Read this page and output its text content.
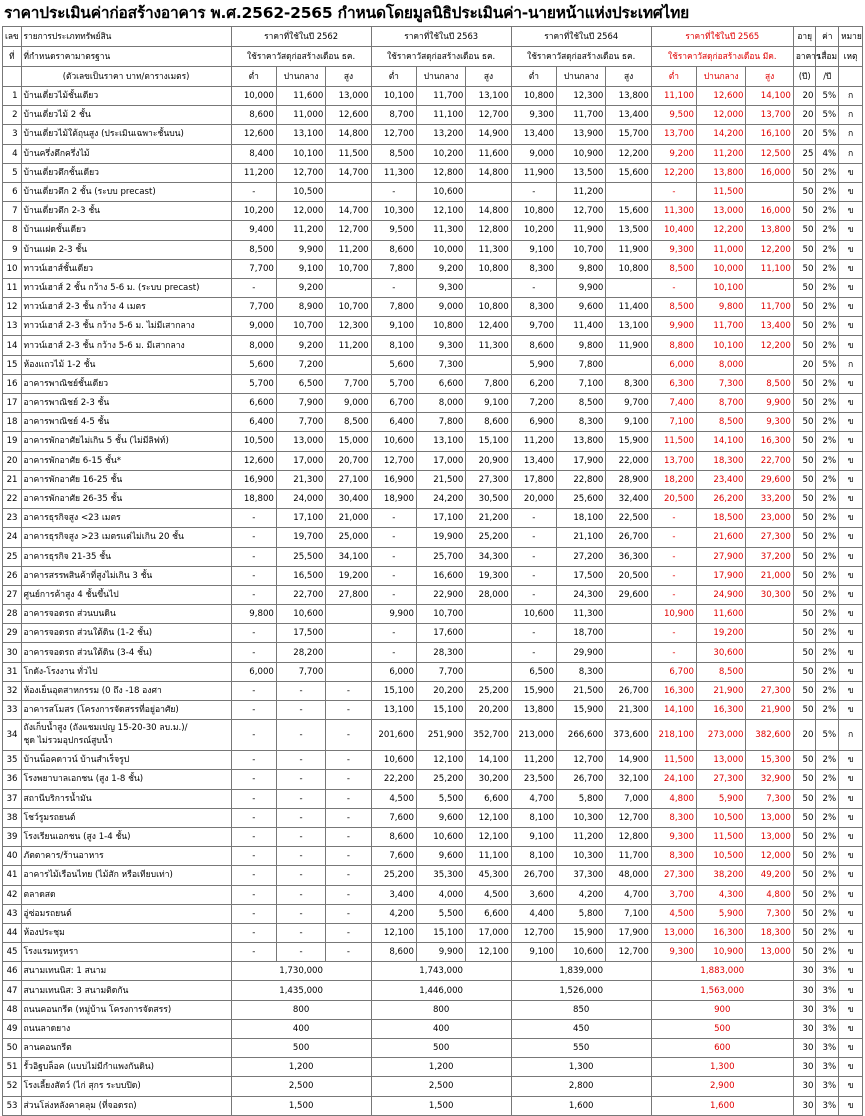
ราคาประเมินค่าก่อสร้างอาคาร พ.ศ.2562-2565 กำหนดโดยมูลนิธิประเมินค่า-นายหน้าแห่งประเทศไทย
เลข	รายการประเภททรัพย์สิน	ราคาที่ใช้ในปี 2562			ราคาที่ใช้ในปี 2563			ราคาที่ใช้ในปี 2564			ราคาที่ใช้ในปี 2565			อายุ	ค่า	หมาย
ที่	ที่กำหนดราคามาตรฐาน	ใช้ราคาวัสดุก่อสร้างเดือน ธค.			ใช้ราคาวัสดุก่อสร้างเดือน ธค.			ใช้ราคาวัสดุก่อสร้างเดือน ธค.			ใช้ราคาวัสดุก่อสร้างเดือน มีค.			อาคาร	เสื่อม	เหตุ
	(ตัวเลขเป็นราคา บาท/ตารางเมตร)	ต่ำ	ปานกลาง	สูง	ต่ำ	ปานกลาง	สูง	ต่ำ	ปานกลาง	สูง	ต่ำ	ปานกลาง	สูง	(ปี)	/ปี	
1	บ้านเดี่ยวไม้ชั้นเดียว	10,000	11,600	13,000	10,100	11,700	13,100	10,800	12,300	13,800	11,100	12,600	14,100	20	5%	ก
2	บ้านเดี่ยวไม้ 2 ชั้น	8,600	11,000	12,600	8,700	11,100	12,700	9,300	11,700	13,400	9,500	12,000	13,700	20	5%	ก
3	บ้านเดี่ยวไม้ใต้ถุนสูง (ประเมินเฉพาะชั้นบน)	12,600	13,100	14,800	12,700	13,200	14,900	13,400	13,900	15,700	13,700	14,200	16,100	20	5%	ก
4	บ้านครึ่งตึกครึ่งไม้	8,400	10,100	11,500	8,500	10,200	11,600	9,000	10,900	12,200	9,200	11,200	12,500	25	4%	ก
5	บ้านเดี่ยวตึกชั้นเดียว	11,200	12,700	14,700	11,300	12,800	14,800	11,900	13,500	15,600	12,200	13,800	16,000	50	2%	ข
6	บ้านเดี่ยวตึก 2 ชั้น (ระบบ precast)	-	10,500		-	10,600		-	11,200		-	11,500		50	2%	ข
7	บ้านเดี่ยวตึก 2-3 ชั้น	10,200	12,000	14,700	10,300	12,100	14,800	10,800	12,700	15,600	11,300	13,000	16,000	50	2%	ข
8	บ้านแฝดชั้นเดียว	9,400	11,200	12,700	9,500	11,300	12,800	10,200	11,900	13,500	10,400	12,200	13,800	50	2%	ข
9	บ้านแฝด 2-3 ชั้น	8,500	9,900	11,200	8,600	10,000	11,300	9,100	10,700	11,900	9,300	11,000	12,200	50	2%	ข
10	ทาวน์เฮาส์ชั้นเดียว	7,700	9,100	10,700	7,800	9,200	10,800	8,300	9,800	10,800	8,500	10,000	11,100	50	2%	ข
11	ทาวน์เฮาส์ 2 ชั้น กว้าง 5-6 ม. (ระบบ precast)	-	9,200		-	9,300		-	9,900		-	10,100		50	2%	ข
12	ทาวน์เฮาส์ 2-3 ชั้น กว้าง 4 เมตร	7,700	8,900	10,700	7,800	9,000	10,800	8,300	9,600	11,400	8,500	9,800	11,700	50	2%	ข
13	ทาวน์เฮาส์ 2-3 ชั้น กว้าง 5-6 ม. ไม่มีเสากลาง	9,000	10,700	12,300	9,100	10,800	12,400	9,700	11,400	13,100	9,900	11,700	13,400	50	2%	ข
14	ทาวน์เฮาส์ 2-3 ชั้น กว้าง 5-6 ม. มีเสากลาง	8,000	9,200	11,200	8,100	9,300	11,300	8,600	9,800	11,900	8,800	10,100	12,200	50	2%	ข
15	ห้องแถวไม้ 1-2 ชั้น	5,600	7,200		5,600	7,300		5,900	7,800		6,000	8,000		20	5%	ก
16	อาคารพาณิชย์ชั้นเดียว	5,700	6,500	7,700	5,700	6,600	7,800	6,200	7,100	8,300	6,300	7,300	8,500	50	2%	ข
17	อาคารพาณิชย์ 2-3 ชั้น	6,600	7,900	9,000	6,700	8,000	9,100	7,200	8,500	9,700	7,400	8,700	9,900	50	2%	ข
18	อาคารพาณิชย์ 4-5 ชั้น	6,400	7,700	8,500	6,400	7,800	8,600	6,900	8,300	9,100	7,100	8,500	9,300	50	2%	ข
19	อาคารพักอาศัยไม่เกิน 5 ชั้น (ไม่มีลิฟท์)	10,500	13,000	15,000	10,600	13,100	15,100	11,200	13,800	15,900	11,500	14,100	16,300	50	2%	ข
20	อาคารพักอาศัย 6-15 ชั้น*	12,600	17,000	20,700	12,700	17,000	20,900	13,400	17,900	22,000	13,700	18,300	22,700	50	2%	ข
21	อาคารพักอาศัย 16-25 ชั้น	16,900	21,300	27,100	16,900	21,500	27,300	17,800	22,800	28,900	18,200	23,400	29,600	50	2%	ข
22	อาคารพักอาศัย 26-35 ชั้น	18,800	24,000	30,400	18,900	24,200	30,500	20,000	25,600	32,400	20,500	26,200	33,200	50	2%	ข
23	อาคารธุรกิจสูง <23 เมตร	-	17,100	21,000	-	17,100	21,200	-	18,100	22,500	-	18,500	23,000	50	2%	ข
24	อาคารธุรกิจสูง >23 เมตรแต่ไม่เกิน 20 ชั้น	-	19,700	25,000	-	19,900	25,200	-	21,100	26,700	-	21,600	27,300	50	2%	ข
25	อาคารธุรกิจ 21-35 ชั้น	-	25,500	34,100	-	25,700	34,300	-	27,200	36,300	-	27,900	37,200	50	2%	ข
26	อาคารสรรพสินค้าที่สูงไม่เกิน 3 ชั้น	-	16,500	19,200	-	16,600	19,300	-	17,500	20,500	-	17,900	21,000	50	2%	ข
27	ศูนย์การค้าสูง 4 ชั้นขึ้นไป	-	22,700	27,800	-	22,900	28,000	-	24,300	29,600	-	24,900	30,300	50	2%	ข
28	อาคารจอดรถ ส่วนบนดิน	9,800	10,600		9,900	10,700		10,600	11,300		10,900	11,600		50	2%	ข
29	อาคารจอดรถ ส่วนใต้ดิน (1-2 ชั้น)	-	17,500		-	17,600		-	18,700		-	19,200		50	2%	ข
30	อาคารจอดรถ ส่วนใต้ดิน (3-4 ชั้น)	-	28,200		-	28,300		-	29,900		-	30,600		50	2%	ข
31	โกดัง-โรงงาน ทั่วไป	6,000	7,700		6,000	7,700		6,500	8,300		6,700	8,500		50	2%	ข
32	ห้องเย็นอุตสาหกรรม (0 ถึง -18 องศา	-	-	-	15,100	20,200	25,200	15,900	21,500	26,700	16,300	21,900	27,300	50	2%	ข
33	อาคารสโมสร (โครงการจัดสรรที่อยู่อาศัย)	-	-	-	13,100	15,100	20,200	13,800	15,900	21,300	14,100	16,300	21,900	50	2%	ข
34	ถังเก็บน้ำสูง (ถังแชมเปญ 15-20-30 ลบ.ม.)/
ชุด ไม่รวมอุปกรณ์สูบน้ำ	-	-	-	201,600	251,900	352,700	213,000	266,600	373,600	218,100	273,000	382,600	20	5%	ก
35	บ้านน็อคดาวน์ บ้านสำเร็จรูป	-	-	-	10,600	12,100	14,100	11,200	12,700	14,900	11,500	13,000	15,300	50	2%	ข
36	โรงพยาบาลเอกชน (สูง 1-8 ชั้น)	-	-	-	22,200	25,200	30,200	23,500	26,700	32,100	24,100	27,300	32,900	50	2%	ข
37	สถานีบริการน้ำมัน	-	-	-	4,500	5,500	6,600	4,700	5,800	7,000	4,800	5,900	7,300	50	2%	ข
38	โชว์รูมรถยนต์	-	-	-	7,600	9,600	12,100	8,100	10,300	12,700	8,300	10,500	13,000	50	2%	ข
39	โรงเรียนเอกชน (สูง 1-4 ชั้น)	-	-	-	8,600	10,600	12,100	9,100	11,200	12,800	9,300	11,500	13,000	50	2%	ข
40	ภัตตาคาร/ร้านอาหาร	-	-	-	7,600	9,600	11,100	8,100	10,300	11,700	8,300	10,500	12,000	50	2%	ข
41	อาคารไม้เรือนไทย (ไม้สัก หรือเทียบเท่า)	-	-	-	25,200	35,300	45,300	26,700	37,300	48,000	27,300	38,200	49,200	50	2%	ข
42	ตลาดสด	-	-	-	3,400	4,000	4,500	3,600	4,200	4,700	3,700	4,300	4,800	50	2%	ข
43	อู่ซ่อมรถยนต์	-	-	-	4,200	5,500	6,600	4,400	5,800	7,100	4,500	5,900	7,300	50	2%	ข
44	ห้องประชุม	-	-	-	12,100	15,100	17,000	12,700	15,900	17,900	13,000	16,300	18,300	50	2%	ข
45	โรงแรมหรูหรา	-	-	-	8,600	9,900	12,100	9,100	10,600	12,700	9,300	10,900	13,000	50	2%	ข
46	สนามเทนนิส: 1 สนาม	1,730,000			1,743,000			1,839,000			1,883,000			30	3%	ข
47	สนามเทนนิส: 3 สนามติดกัน	1,435,000			1,446,000			1,526,000			1,563,000			30	3%	ข
48	ถนนคอนกรีต (หมู่บ้าน โครงการจัดสรร)	800			800			850			900			30	3%	ข
49	ถนนลาดยาง	400			400			450			500			30	3%	ข
50	ลานคอนกรีต	500			500			550			600			30	3%	ข
51	รั้วอิฐบล็อค (แบบไม่มีกำแพงกันดิน)	1,200			1,200			1,300			1,300			30	3%	ข
52	โรงเลี้ยงสัตว์ (ไก่ สุกร ระบบปิด)	2,500			2,500			2,800			2,900			30	3%	ข
53	ส่วนโล่งหลังคาคลุม (ที่จอดรถ)	1,500			1,500			1,600			1,600			30	3%	ข
